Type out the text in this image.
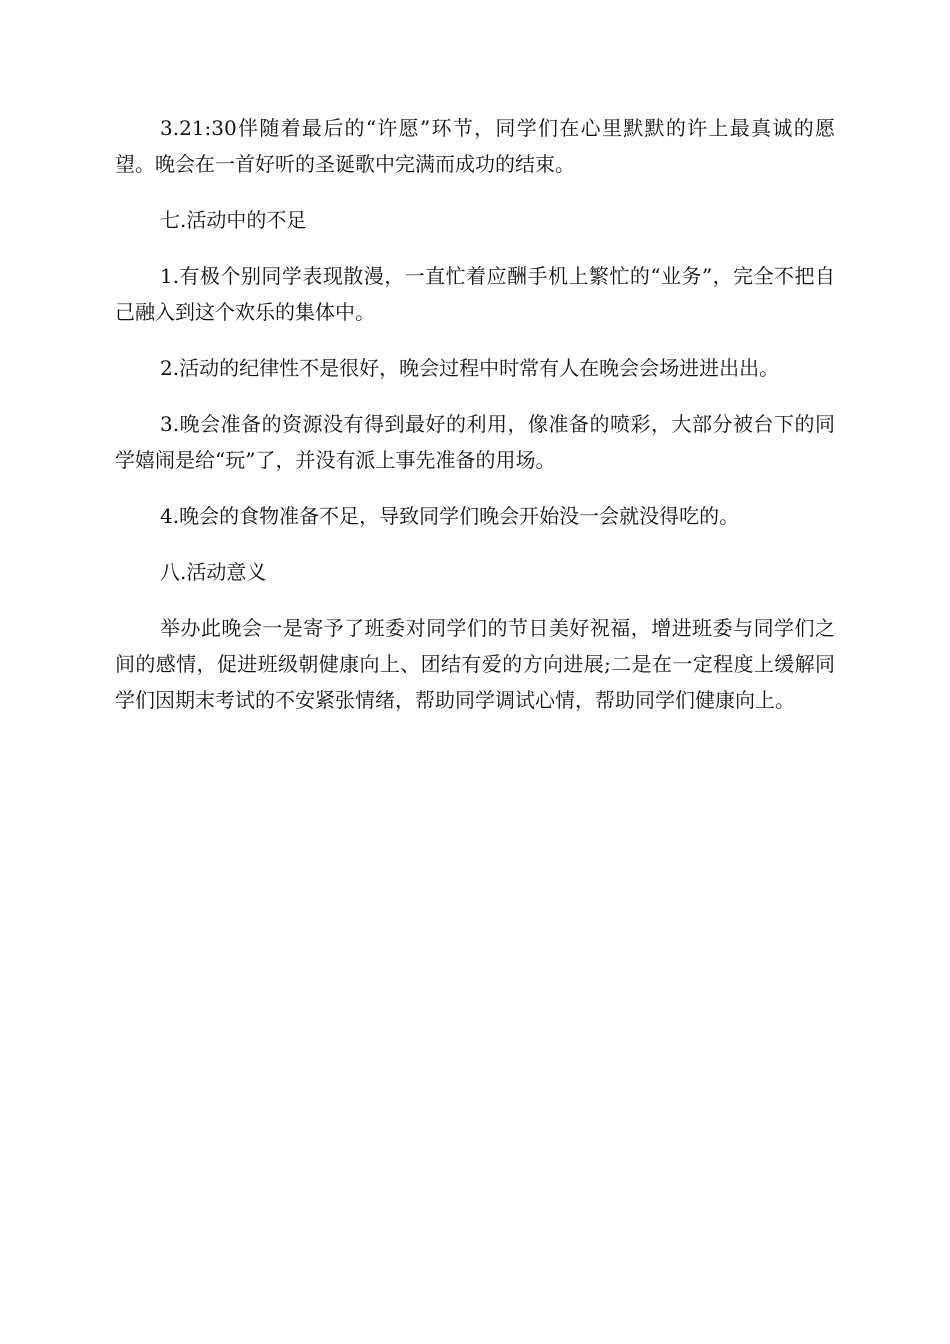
3.21:30伴随着最后的“许愿”环节，同学们在心里默默的许上最真诚的愿望。晚会在一首好听的圣诞歌中完满而成功的结束。

七.活动中的不足

1.有极个别同学表现散漫，一直忙着应酬手机上繁忙的“业务”，完全不把自己融入到这个欢乐的集体中。

2.活动的纪律性不是很好，晚会过程中时常有人在晚会会场进进出出。

3.晚会准备的资源没有得到最好的利用，像准备的喷彩，大部分被台下的同学嬉闹是给“玩”了，并没有派上事先准备的用场。

4.晚会的食物准备不足，导致同学们晚会开始没一会就没得吃的。

八.活动意义

举办此晚会一是寄予了班委对同学们的节日美好祝福，增进班委与同学们之间的感情，促进班级朝健康向上、团结有爱的方向进展;二是在一定程度上缓解同学们因期末考试的不安紧张情绪，帮助同学调试心情，帮助同学们健康向上。
